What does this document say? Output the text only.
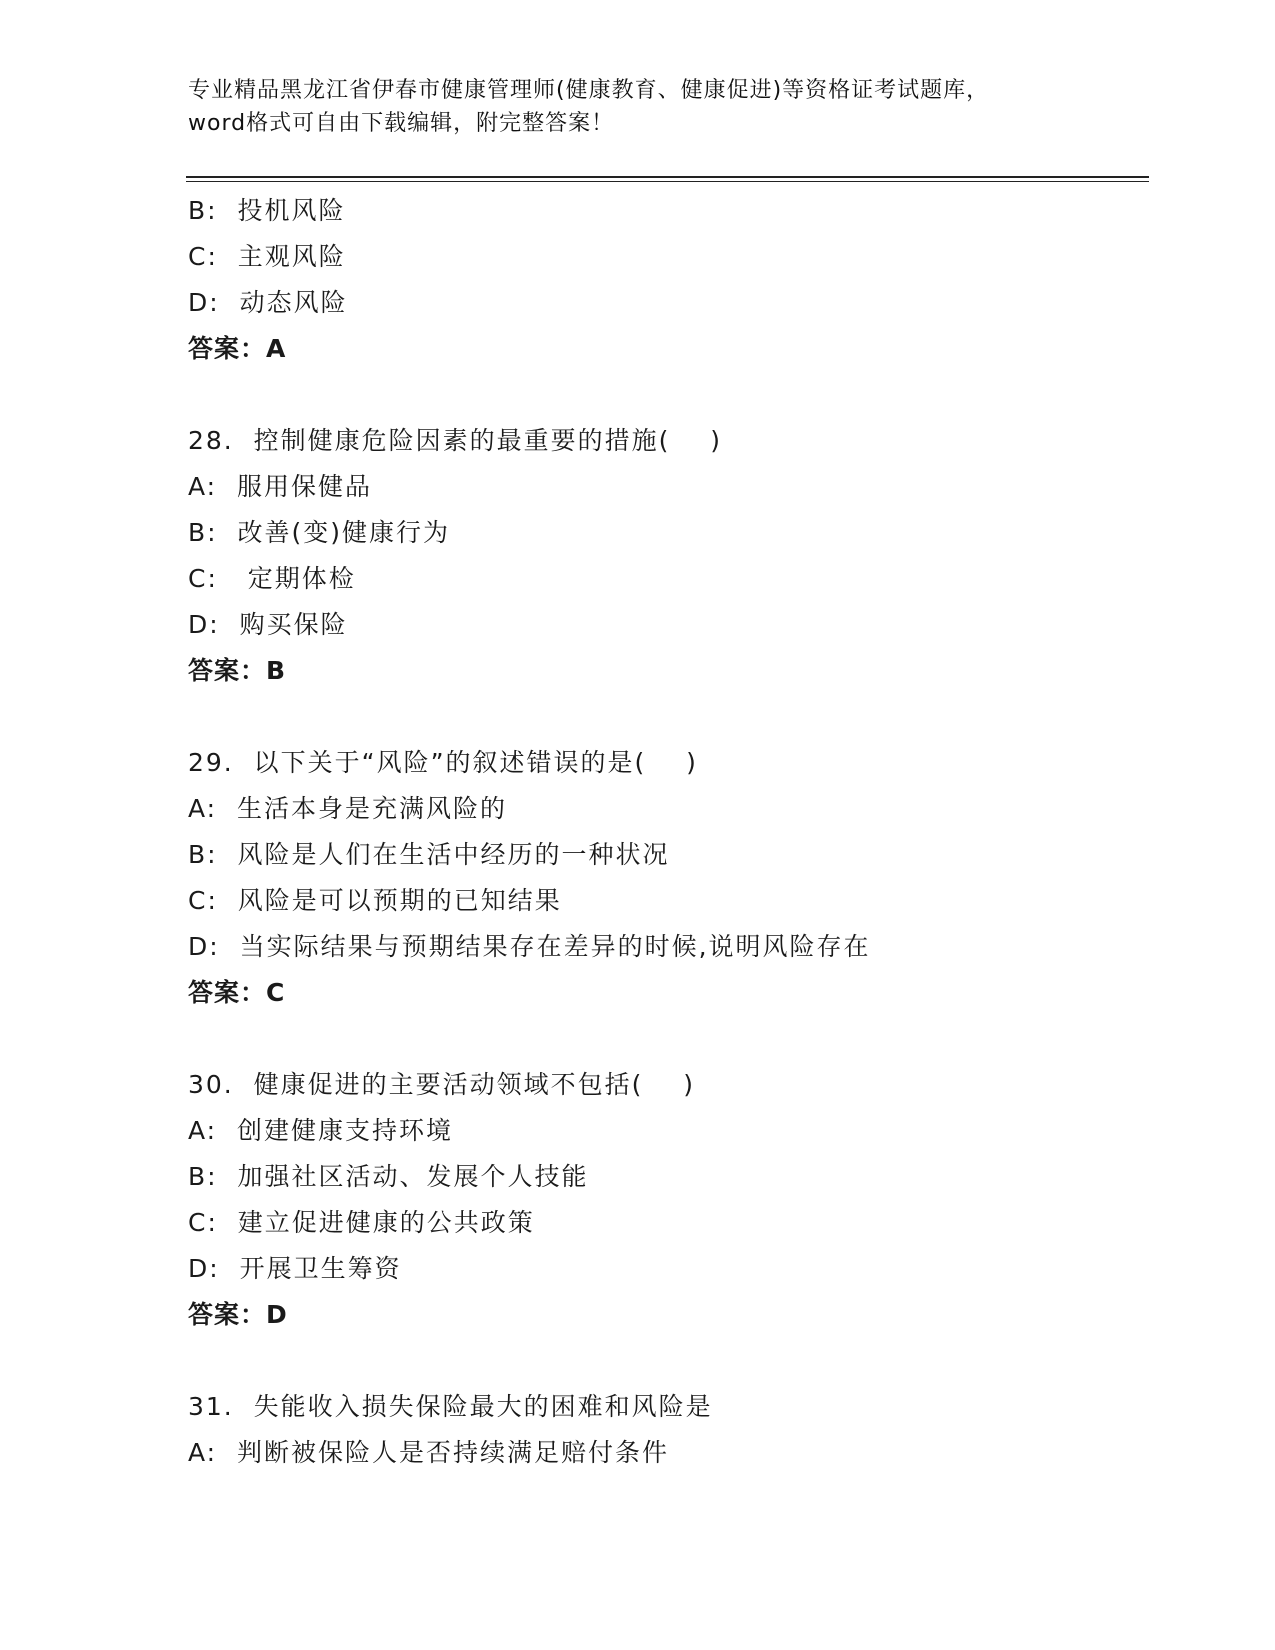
专业精品黑龙江省伊春市健康管理师(健康教育、健康促进)等资格证考试题库，
word格式可自由下载编辑，附完整答案！
B:  投机风险
C:  主观风险
D:  动态风险
答案：A
28.  控制健康危险因素的最重要的措施(    )
A:  服用保健品
B:  改善(变)健康行为
C:   定期体检
D:  购买保险
答案：B
29.  以下关于“风险”的叙述错误的是(    )
A:  生活本身是充满风险的
B:  风险是人们在生活中经历的一种状况
C:  风险是可以预期的已知结果
D:  当实际结果与预期结果存在差异的时候,说明风险存在
答案：C
30.  健康促进的主要活动领域不包括(    )
A:  创建健康支持环境
B:  加强社区活动、发展个人技能
C:  建立促进健康的公共政策
D:  开展卫生筹资
答案：D
31.  失能收入损失保险最大的困难和风险是
A:  判断被保险人是否持续满足赔付条件
